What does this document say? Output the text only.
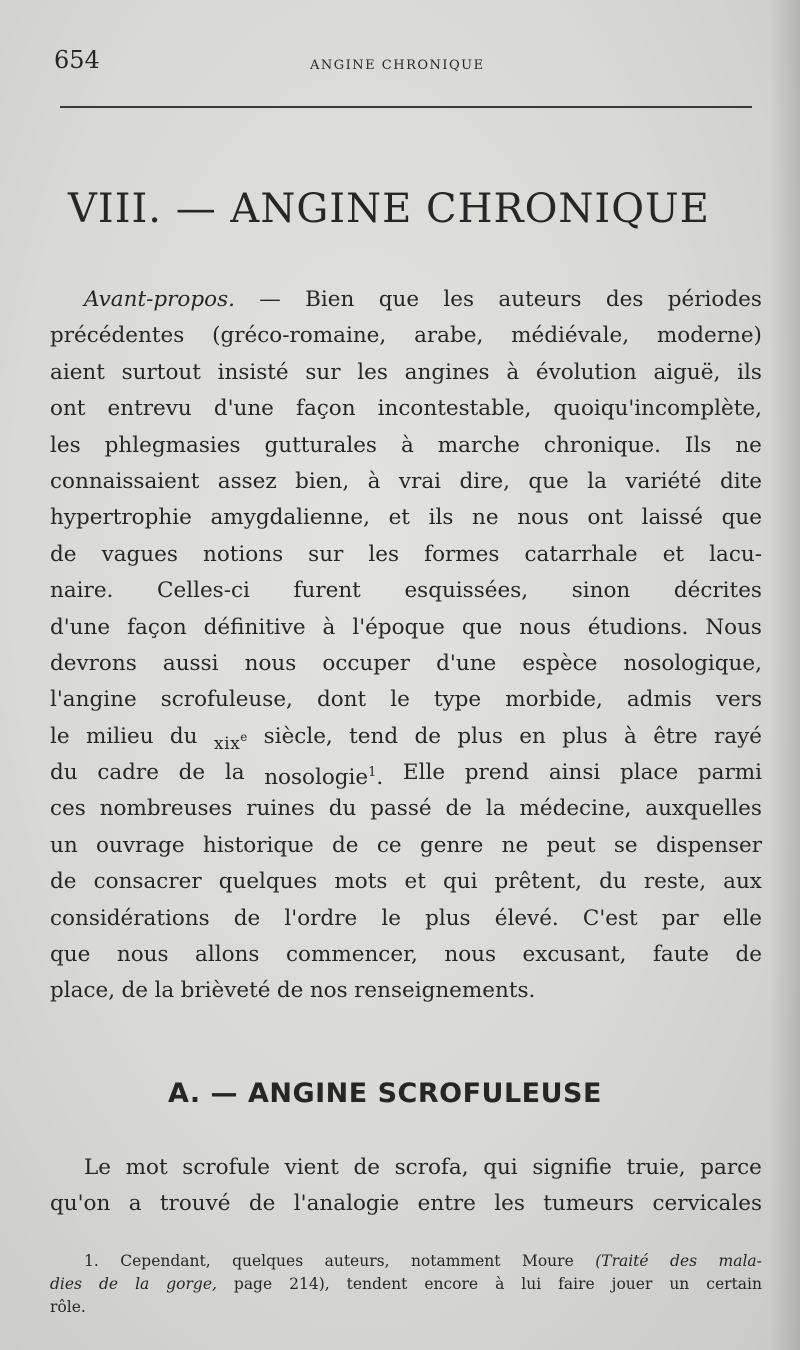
654	ANGINE CHRONIQUE
VIII. — ANGINE CHRONIQUE
Avant-propos. — Bien que les auteurs des périodes
précédentes (gréco-romaine, arabe, médiévale, moderne)
aient surtout insisté sur les angines à évolution aiguë, ils
ont entrevu d'une façon incontestable, quoiqu'incomplète,
les phlegmasies gutturales à marche chronique. Ils ne
connaissaient assez bien, à vrai dire, que la variété dite
hypertrophie amygdalienne, et ils ne nous ont laissé que
de vagues notions sur les formes catarrhale et lacu-
naire. Celles-ci furent esquissées, sinon décrites
d'une façon définitive à l'époque que nous étudions. Nous
devrons aussi nous occuper d'une espèce nosologique,
l'angine scrofuleuse, dont le type morbide, admis vers
le milieu du xix$^e$ siècle, tend de plus en plus à être rayé
du cadre de la nosologie$^1$. Elle prend ainsi place parmi
ces nombreuses ruines du passé de la médecine, auxquelles
un ouvrage historique de ce genre ne peut se dispenser
de consacrer quelques mots et qui prêtent, du reste, aux
considérations de l'ordre le plus élevé. C'est par elle
que nous allons commencer, nous excusant, faute de
place, de la brièveté de nos renseignements.
A. — ANGINE SCROFULEUSE
Le mot scrofule vient de scrofa, qui signifie truie, parce
qu'on a trouvé de l'analogie entre les tumeurs cervicales
1. Cependant, quelques auteurs, notamment Moure (Traité des mala-
dies de la gorge, page 214), tendent encore à lui faire jouer un certain
rôle.
